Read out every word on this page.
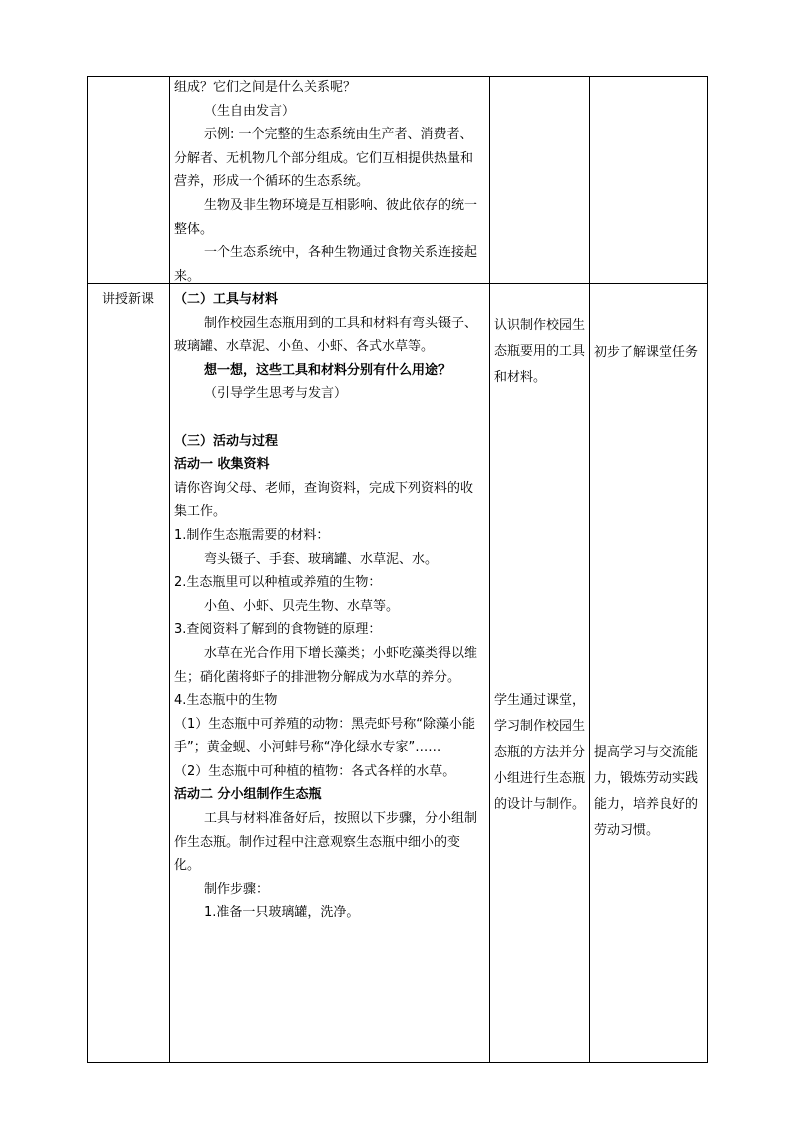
组成？它们之间是什么关系呢？

（生自由发言）

示例: 一个完整的生态系统由生产者、消费者、分解者、无机物几个部分组成。它们互相提供热量和营养，形成一个循环的生态系统。

生物及非生物环境是互相影响、彼此依存的统一整体。

一个生态系统中，各种生物通过食物关系连接起来。

讲授新课	（二）工具与材料

制作校园生态瓶用到的工具和材料有弯头镊子、玻璃罐、水草泥、小鱼、小虾、各式水草等。

想一想，这些工具和材料分别有什么用途？

（引导学生思考与发言）

（三）活动与过程

活动一 收集资料

请你咨询父母、老师，查询资料，完成下列资料的收集工作。

1.制作生态瓶需要的材料：

弯头镊子、手套、玻璃罐、水草泥、水。

2.生态瓶里可以种植或养殖的生物：

小鱼、小虾、贝壳生物、水草等。

3.查阅资料了解到的食物链的原理：

水草在光合作用下增长藻类；小虾吃藻类得以维生；硝化菌将虾子的排泄物分解成为水草的养分。

4.生态瓶中的生物

（1）生态瓶中可养殖的动物：黑壳虾号称“除藻小能手”；黄金蚬、小河蚌号称“净化绿水专家”……

（2）生态瓶中可种植的植物：各式各样的水草。

活动二 分小组制作生态瓶

工具与材料准备好后，按照以下步骤，分小组制作生态瓶。制作过程中注意观察生态瓶中细小的变化。

制作步骤：

1.准备一只玻璃罐，洗净。

认识制作校园生态瓶要用的工具和材料。
学生通过课堂，学习制作校园生态瓶的方法并分小组进行生态瓶的设计与制作。
初步了解课堂任务
提高学习与交流能力，锻炼劳动实践能力，培养良好的劳动习惯。
